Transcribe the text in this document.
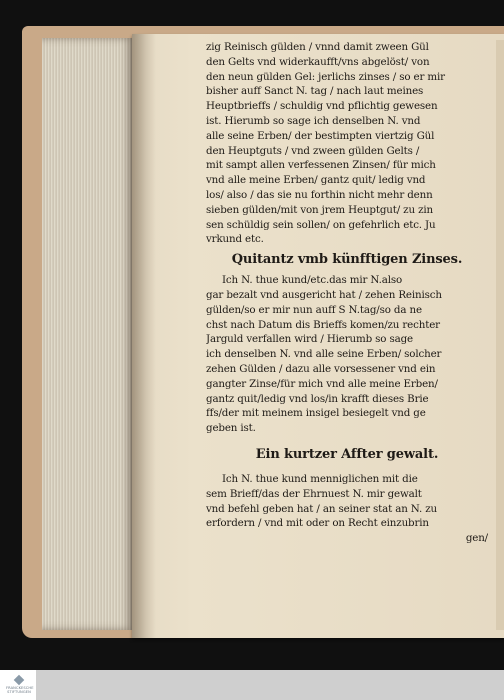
zig Reinisch gülden / vnnd damit zween Gül
den Gelts vnd widerkaufft/vns abgelöst/ von
den neun gülden Gel: jerlichs zinses / so er mir
bisher auff Sanct N. tag / nach laut meines
Heuptbrieffs / schuldig vnd pflichtig gewesen
ist. Hierumb so sage ich denselben N. vnd
alle seine Erben/ der bestimpten viertzig Gül
den Heuptguts / vnd zween gülden Gelts /
mit sampt allen verfessenen Zinsen/ für mich
vnd alle meine Erben/ gantz quit/ ledig vnd
los/ also / das sie nu forthin nicht mehr denn
sieben gülden/mit von jrem Heuptgut/ zu zin
sen schüldig sein sollen/ on gefehrlich etc. Ju
vrkund etc.
Quitantz vmb künfftigen Zinses.
Ich N. thue kund/etc.das mir N.also
gar bezalt vnd ausgericht hat / zehen Reinisch
gülden/so er mir nun auff S N.tag/so da ne
chst nach Datum dis Brieffs komen/zu rechter
Jarguld verfallen wird / Hierumb so sage
ich denselben N. vnd alle seine Erben/ solcher
zehen Gülden / dazu alle vorsessener vnd ein
gangter Zinse/für mich vnd alle meine Erben/
gantz quit/ledig vnd los/in krafft dieses Brie
ffs/der mit meinem insigel besiegelt vnd ge
geben ist.
Ein kurtzer Affter gewalt.
Ich N. thue kund menniglichen mit die
sem Brieff/das der Ehrnuest N. mir gewalt
vnd befehl geben hat / an seiner stat an N. zu
erfordern / vnd mit oder on Recht einzubrin
gen/
FRANCKESCHE
STIFTUNGEN
